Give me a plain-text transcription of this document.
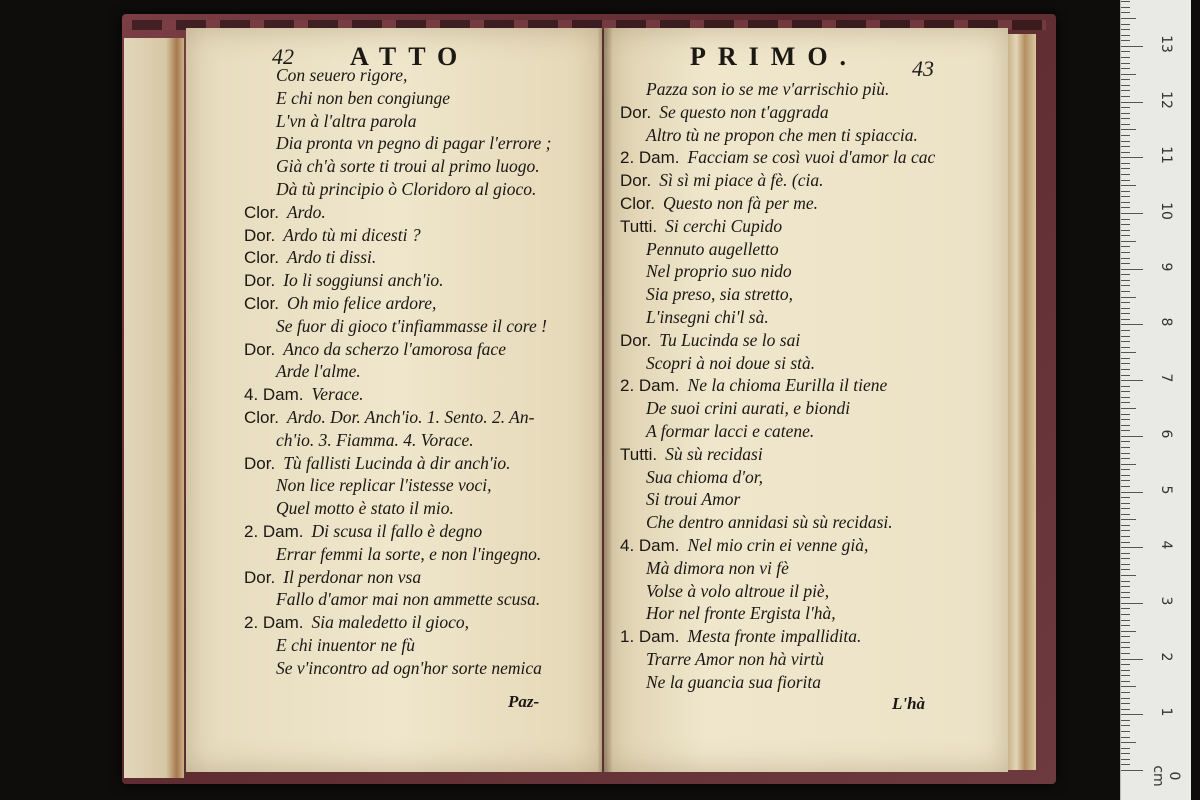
42 ATTO	PRIMO. 43
Con seuero rigore,
E chi non ben congiunge
L'vn à l'altra parola
Dia pronta vn pegno di pagar l'errore ;
Già ch'à sorte ti troui al primo luogo.
Dà tù principio ò Cloridoro al gioco.
Clor. Ardo.
Dor. Ardo tù mi dicesti ?
Clor. Ardo ti dissi.
Dor. Io li soggiunsi anch'io.
Clor. Oh mio felice ardore,
Se fuor di gioco t'infiammasse il core !
Dor. Anco da scherzo l'amorosa face
Arde l'alme.
4. Dam. Verace.
Clor. Ardo. Dor. Anch'io. 1. Sento. 2. An-
ch'io. 3. Fiamma. 4. Vorace.
Dor. Tù fallisti Lucinda à dir anch'io.
Non lice replicar l'istesse voci,
Quel motto è stato il mio.
2. Dam. Di scusa il fallo è degno
Errar femmi la sorte, e non l'ingegno.
Dor. Il perdonar non vsa
Fallo d'amor mai non ammette scusa.
2. Dam. Sia maledetto il gioco,
E chi inuentor ne fù
Se v'incontro ad ogn'hor sorte nemica
Pazza son io se me v'arrischio più.
Dor. Se questo non t'aggrada
Altro tù ne propon che men ti spiaccia.
2. Dam. Facciam se così vuoi d'amor la cac
Dor. Sì sì mi piace à fè. (cia.
Clor. Questo non fà per me.
Tutti. Si cerchi Cupido
Pennuto augelletto
Nel proprio suo nido
Sia preso, sia stretto,
L'insegni chi'l sà.
Dor. Tu Lucinda se lo sai
Scopri à noi doue si stà.
2. Dam. Ne la chioma Eurilla il tiene
De suoi crini aurati, e biondi
A formar lacci e catene.
Tutti. Sù sù recidasi
Sua chioma d'or,
Si troui Amor
Che dentro annidasi sù sù recidasi.
4. Dam. Nel mio crin ei venne già,
Mà dimora non vi fè
Volse à volo altroue il piè,
Hor nel fronte Ergista l'hà,
1. Dam. Mesta fronte impallidita.
Trarre Amor non hà virtù
Ne la guancia sua fiorita
Paz-	L'hà
0 cm
1
2
3
4
5
6
7
8
9
10
11
12
13
